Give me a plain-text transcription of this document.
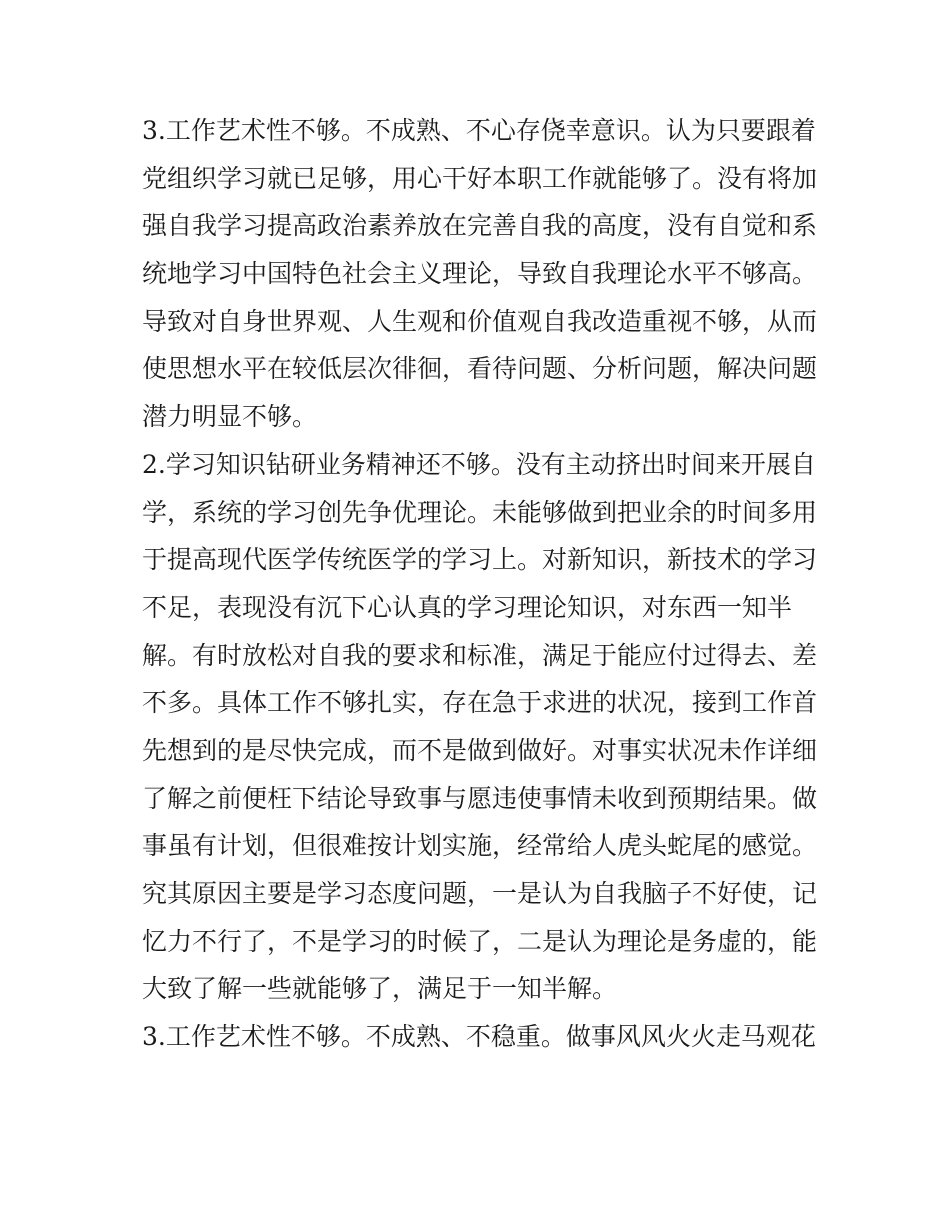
3.工作艺术性不够。不成熟、不心存侥幸意识。认为只要跟着
党组织学习就已足够，用心干好本职工作就能够了。没有将加
强自我学习提高政治素养放在完善自我的高度，没有自觉和系
统地学习中国特色社会主义理论，导致自我理论水平不够高。
导致对自身世界观、人生观和价值观自我改造重视不够，从而
使思想水平在较低层次徘徊，看待问题、分析问题，解决问题
潜力明显不够。
2.学习知识钻研业务精神还不够。没有主动挤出时间来开展自
学，系统的学习创先争优理论。未能够做到把业余的时间多用
于提高现代医学传统医学的学习上。对新知识，新技术的学习
不足，表现没有沉下心认真的学习理论知识，对东西一知半
解。有时放松对自我的要求和标准，满足于能应付过得去、差
不多。具体工作不够扎实，存在急于求进的状况，接到工作首
先想到的是尽快完成，而不是做到做好。对事实状况未作详细
了解之前便枉下结论导致事与愿违使事情未收到预期结果。做
事虽有计划，但很难按计划实施，经常给人虎头蛇尾的感觉。
究其原因主要是学习态度问题，一是认为自我脑子不好使，记
忆力不行了，不是学习的时候了，二是认为理论是务虚的，能
大致了解一些就能够了，满足于一知半解。
3.工作艺术性不够。不成熟、不稳重。做事风风火火走马观花
